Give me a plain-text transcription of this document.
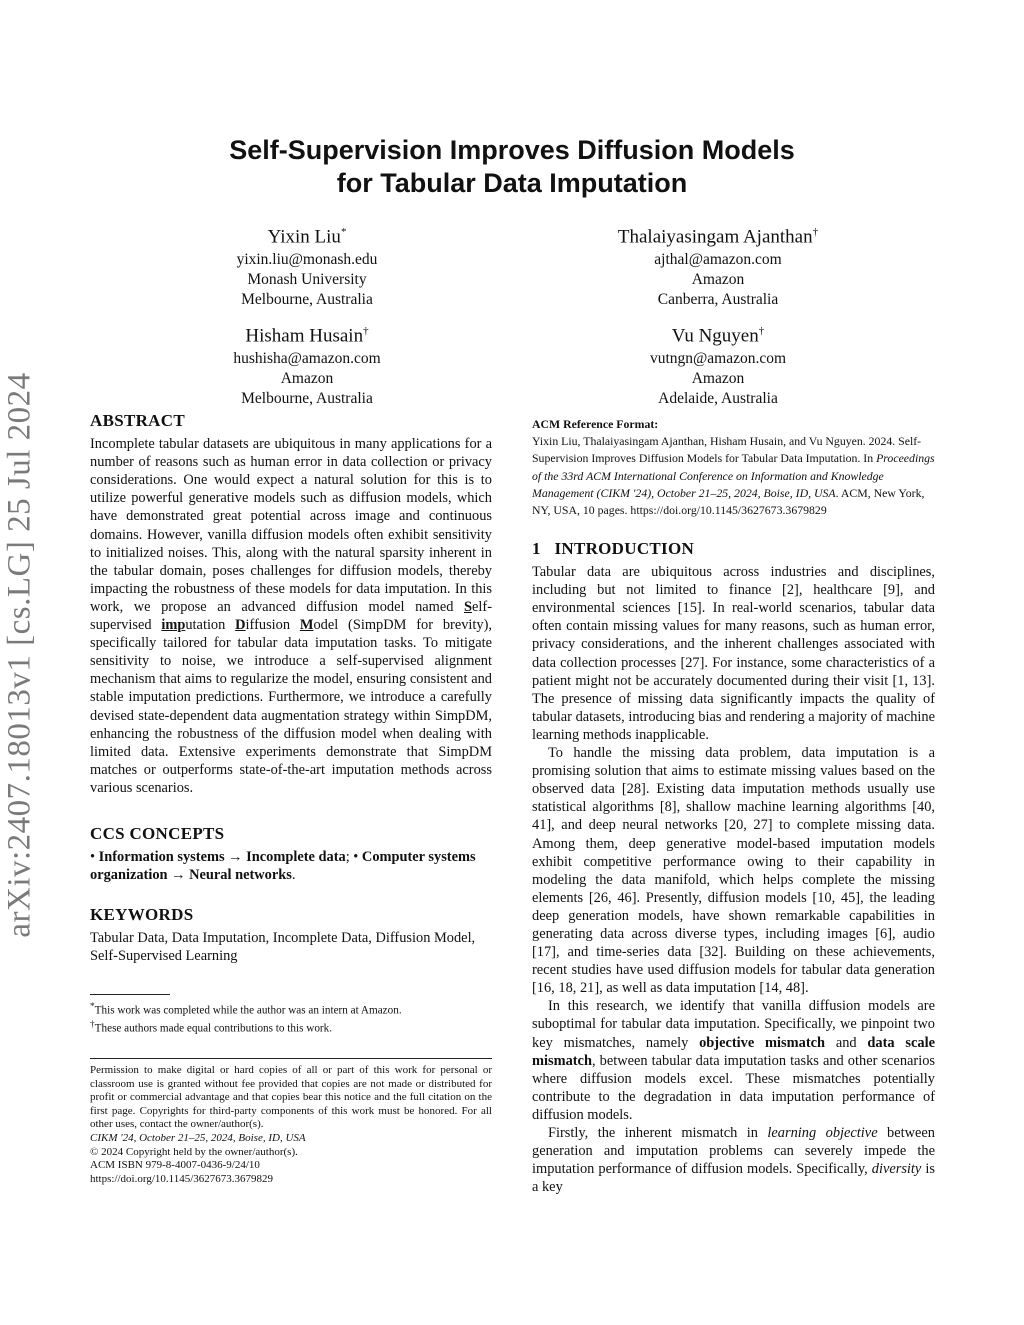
arXiv:2407.18013v1 [cs.LG] 25 Jul 2024
Self-Supervision Improves Diffusion Models
for Tabular Data Imputation
Yixin Liu*
yixin.liu@monash.edu
Monash University
Melbourne, Australia
Thalaiyasingam Ajanthan†
ajthal@amazon.com
Amazon
Canberra, Australia
Hisham Husain†
hushisha@amazon.com
Amazon
Melbourne, Australia
Vu Nguyen†
vutngn@amazon.com
Amazon
Adelaide, Australia
ABSTRACT

Incomplete tabular datasets are ubiquitous in many applications for a number of reasons such as human error in data collection or privacy considerations. One would expect a natural solution for this is to utilize powerful generative models such as diffusion models, which have demonstrated great potential across image and continuous domains. However, vanilla diffusion models often exhibit sensitivity to initialized noises. This, along with the natural sparsity inherent in the tabular domain, poses challenges for diffusion models, thereby impacting the robustness of these models for data imputation. In this work, we propose an advanced diffusion model named Self-supervised imputation Diffusion Model (SimpDM for brevity), specifically tailored for tabular data imputation tasks. To mitigate sensitivity to noise, we introduce a self-supervised alignment mechanism that aims to regularize the model, ensuring consistent and stable imputation predictions. Furthermore, we introduce a carefully devised state-dependent data augmentation strategy within SimpDM, enhancing the robustness of the diffusion model when dealing with limited data. Extensive experiments demonstrate that SimpDM matches or outperforms state-of-the-art imputation methods across various scenarios.

CCS CONCEPTS

• Information systems → Incomplete data; • Computer systems organization → Neural networks.

KEYWORDS

Tabular Data, Data Imputation, Incomplete Data, Diffusion Model, Self-Supervised Learning

*This work was completed while the author was an intern at Amazon.
†These authors made equal contributions to this work.
Permission to make digital or hard copies of all or part of this work for personal or classroom use is granted without fee provided that copies are not made or distributed for profit or commercial advantage and that copies bear this notice and the full citation on the first page. Copyrights for third-party components of this work must be honored. For all other uses, contact the owner/author(s).
CIKM '24, October 21–25, 2024, Boise, ID, USA
© 2024 Copyright held by the owner/author(s).
ACM ISBN 979-8-4007-0436-9/24/10
https://doi.org/10.1145/3627673.3679829
ACM Reference Format:
Yixin Liu, Thalaiyasingam Ajanthan, Hisham Husain, and Vu Nguyen. 2024. Self-Supervision Improves Diffusion Models for Tabular Data Imputation. In Proceedings of the 33rd ACM International Conference on Information and Knowledge Management (CIKM '24), October 21–25, 2024, Boise, ID, USA. ACM, New York, NY, USA, 10 pages. https://doi.org/10.1145/3627673.3679829
1   INTRODUCTION

Tabular data are ubiquitous across industries and disciplines, including but not limited to finance [2], healthcare [9], and environmental sciences [15]. In real-world scenarios, tabular data often contain missing values for many reasons, such as human error, privacy considerations, and the inherent challenges associated with data collection processes [27]. For instance, some characteristics of a patient might not be accurately documented during their visit [1, 13]. The presence of missing data significantly impacts the quality of tabular datasets, introducing bias and rendering a majority of machine learning methods inapplicable.

To handle the missing data problem, data imputation is a promising solution that aims to estimate missing values based on the observed data [28]. Existing data imputation methods usually use statistical algorithms [8], shallow machine learning algorithms [40, 41], and deep neural networks [20, 27] to complete missing data. Among them, deep generative model-based imputation models exhibit competitive performance owing to their capability in modeling the data manifold, which helps complete the missing elements [26, 46]. Presently, diffusion models [10, 45], the leading deep generation models, have shown remarkable capabilities in generating data across diverse types, including images [6], audio [17], and time-series data [32]. Building on these achievements, recent studies have used diffusion models for tabular data generation [16, 18, 21], as well as data imputation [14, 48].

In this research, we identify that vanilla diffusion models are suboptimal for tabular data imputation. Specifically, we pinpoint two key mismatches, namely objective mismatch and data scale mismatch, between tabular data imputation tasks and other scenarios where diffusion models excel. These mismatches potentially contribute to the degradation in data imputation performance of diffusion models.

Firstly, the inherent mismatch in learning objective between generation and imputation problems can severely impede the imputation performance of diffusion models. Specifically, diversity is a key
